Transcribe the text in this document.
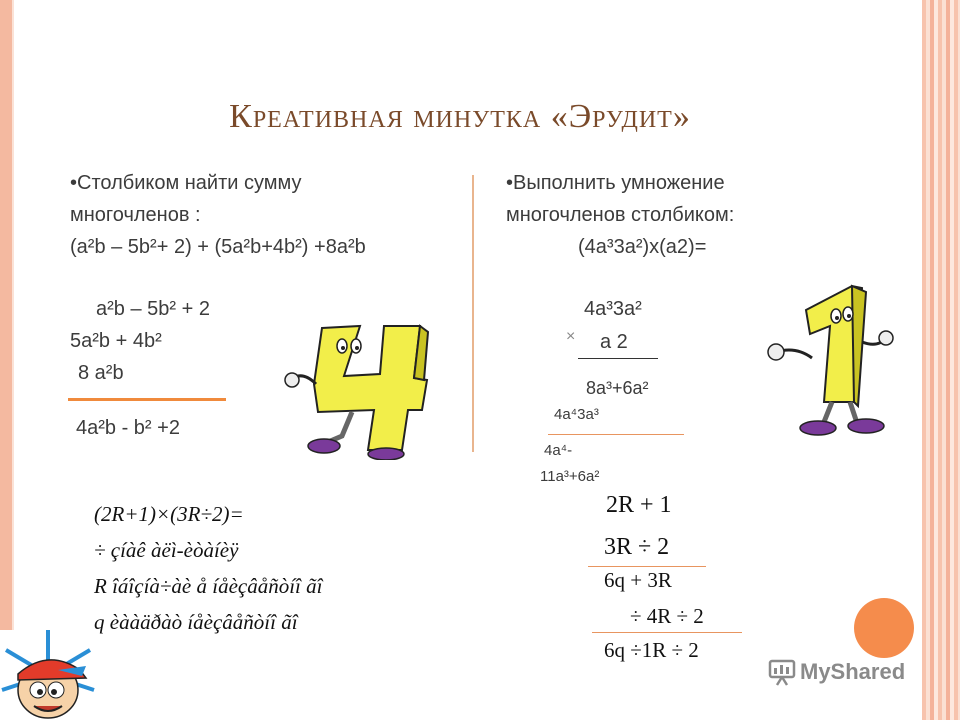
Креативная минутка «Эрудит»
•Столбиком найти сумму
многочленов :
(a²b – 5b²+ 2) + (5a²b+4b²) +8a²b
a²b – 5b² + 2
5a²b + 4b²
8 a²b
4a²b - b² +2
•Выполнить умножение
многочленов столбиком:
(4a³3a²)x(a2)=
4a³3a²
× a 2
8a³+6a²
4a⁴3a³
4a⁴-
11a³+6a²
(2R+1)×(3R÷2)=
÷ çíàê àëì-èòàíèÿ
R îáîçíà÷àè å íåèçâåñòíî ãî
q èààäðàò íåèçâåñòíî ãî
2R + 1
3R ÷ 2
6q + 3R
÷ 4R ÷ 2
6q ÷1R ÷ 2
MyShared
